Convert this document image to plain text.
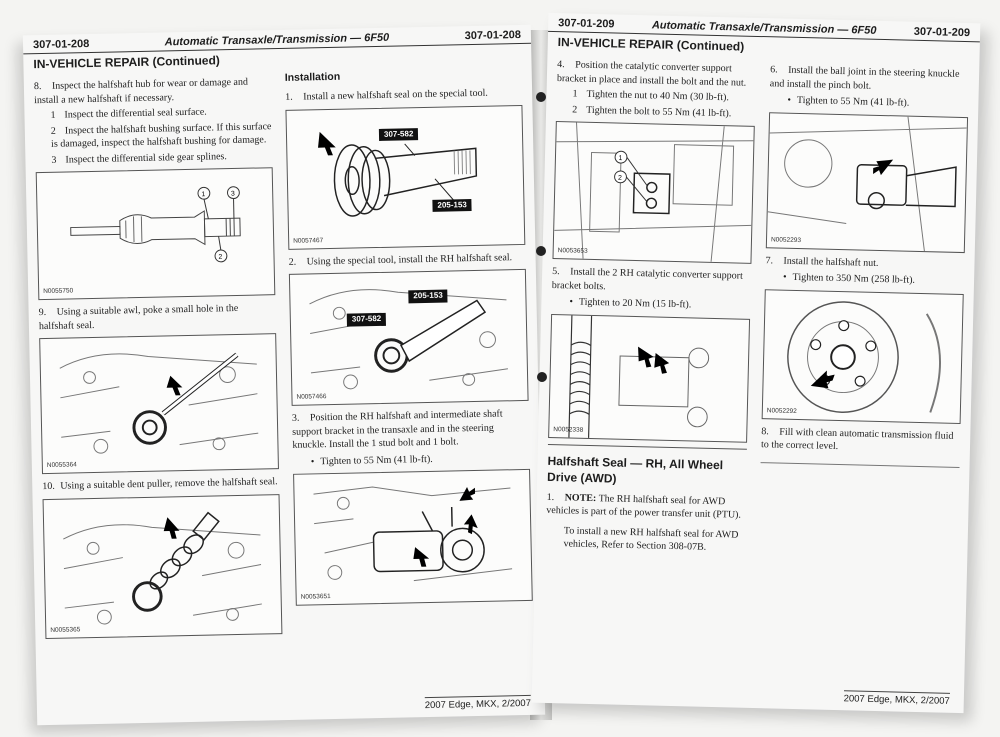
307-01-208	Automatic Transaxle/Transmission — 6F50	307-01-208
IN-VEHICLE REPAIR (Continued)
8. Inspect the halfshaft hub for wear or damage and install a new halfshaft if necessary.
1 Inspect the differential seal surface.
2 Inspect the halfshaft bushing surface. If this surface is damaged, inspect the halfshaft bushing for damage.
3 Inspect the differential side gear splines.
1	3
2
N0055750
9. Using a suitable awl, poke a small hole in the halfshaft seal.
N0055364
10. Using a suitable dent puller, remove the halfshaft seal.
N0055365
Installation
1. Install a new halfshaft seal on the special tool.
307-582
205-153
N0057467
2. Using the special tool, install the RH halfshaft seal.
205-153
307-582
N0057466
3. Position the RH halfshaft and intermediate shaft support bracket in the transaxle and in the steering knuckle. Install the 1 stud bolt and 1 bolt.
• Tighten to 55 Nm (41 lb-ft).
N0053651
2007 Edge, MKX, 2/2007
307-01-209	Automatic Transaxle/Transmission — 6F50	307-01-209
IN-VEHICLE REPAIR (Continued)
4. Position the catalytic converter support bracket in place and install the bolt and the nut.
1 Tighten the nut to 40 Nm (30 lb-ft).
2 Tighten the bolt to 55 Nm (41 lb-ft).
1
2
N0053653
5. Install the 2 RH catalytic converter support bracket bolts.
• Tighten to 20 Nm (15 lb-ft).
N0052338
Halfshaft Seal — RH, All Wheel Drive (AWD)
1. NOTE: The RH halfshaft seal for AWD vehicles is part of the power transfer unit (PTU).
To install a new RH halfshaft seal for AWD vehicles, Refer to Section 308-07B.
6. Install the ball joint in the steering knuckle and install the pinch bolt.
• Tighten to 55 Nm (41 lb-ft).
N0052293
7. Install the halfshaft nut.
• Tighten to 350 Nm (258 lb-ft).
N0052292
8. Fill with clean automatic transmission fluid to the correct level.
2007 Edge, MKX, 2/2007
